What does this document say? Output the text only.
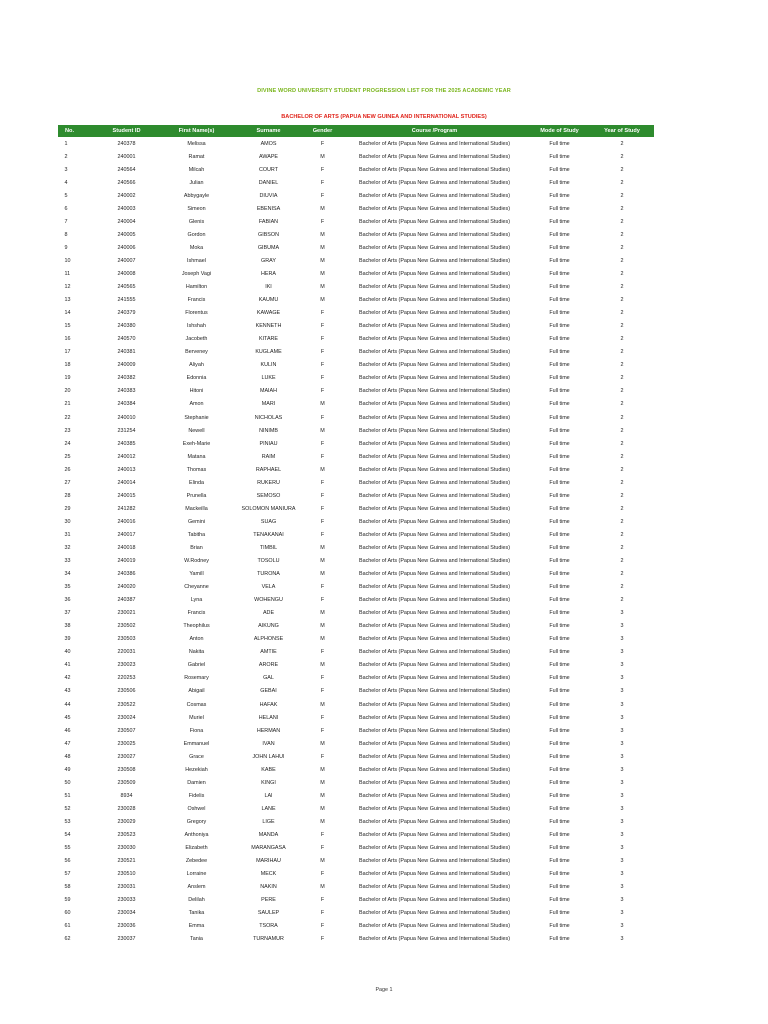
DIVINE WORD UNIVERSITY STUDENT PROGRESSION LIST FOR THE 2025 ACADEMIC YEAR
BACHELOR OF ARTS (PAPUA NEW GUINEA AND INTERNATIONAL STUDIES)
No.	Student ID	First Name(s)	Surname	Gender	Course /Program	Mode of Study	Year of Study
1	240378	Melissa	AMOS	F	Bachelor of Arts (Papua New Guinea and International Studies)	Full time	2
2	240001	Ramat	AWAPE	M	Bachelor of Arts (Papua New Guinea and International Studies)	Full time	2
3	240564	Milcah	COURT	F	Bachelor of Arts (Papua New Guinea and International Studies)	Full time	2
4	240566	Julian	DANIEL	F	Bachelor of Arts (Papua New Guinea and International Studies)	Full time	2
5	240002	Abbygayle	DIUVIA	F	Bachelor of Arts (Papua New Guinea and International Studies)	Full time	2
6	240003	Simeon	EBENISA	M	Bachelor of Arts (Papua New Guinea and International Studies)	Full time	2
7	240004	Glenis	FABIAN	F	Bachelor of Arts (Papua New Guinea and International Studies)	Full time	2
8	240005	Gordon	GIBSON	M	Bachelor of Arts (Papua New Guinea and International Studies)	Full time	2
9	240006	Moka	GIBUMA	M	Bachelor of Arts (Papua New Guinea and International Studies)	Full time	2
10	240007	Ishmael	GRAY	M	Bachelor of Arts (Papua New Guinea and International Studies)	Full time	2
11	240008	Joseph Vagi	HERA	M	Bachelor of Arts (Papua New Guinea and International Studies)	Full time	2
12	240565	Hamilton	IKI	M	Bachelor of Arts (Papua New Guinea and International Studies)	Full time	2
13	241555	Francis	KAUMU	M	Bachelor of Arts (Papua New Guinea and International Studies)	Full time	2
14	240379	Florentus	KAWAGE	F	Bachelor of Arts (Papua New Guinea and International Studies)	Full time	2
15	240380	Ishshah	KENNETH	F	Bachelor of Arts (Papua New Guinea and International Studies)	Full time	2
16	240570	Jacobeth	KITARE	F	Bachelor of Arts (Papua New Guinea and International Studies)	Full time	2
17	240381	Berveney	KUGLAME	F	Bachelor of Arts (Papua New Guinea and International Studies)	Full time	2
18	240009	Aliyah	KULIN	F	Bachelor of Arts (Papua New Guinea and International Studies)	Full time	2
19	240382	Edonnia	LUKE	F	Bachelor of Arts (Papua New Guinea and International Studies)	Full time	2
20	240383	Hitoni	MAIAH	F	Bachelor of Arts (Papua New Guinea and International Studies)	Full time	2
21	240384	Amon	MARI	M	Bachelor of Arts (Papua New Guinea and International Studies)	Full time	2
22	240010	Stephanie	NICHOLAS	F	Bachelor of Arts (Papua New Guinea and International Studies)	Full time	2
23	231254	Newell	NINIMB	M	Bachelor of Arts (Papua New Guinea and International Studies)	Full time	2
24	240385	Exeh-Marie	PINIAU	F	Bachelor of Arts (Papua New Guinea and International Studies)	Full time	2
25	240012	Matana	RAIM	F	Bachelor of Arts (Papua New Guinea and International Studies)	Full time	2
26	240013	Thomas	RAPHAEL	M	Bachelor of Arts (Papua New Guinea and International Studies)	Full time	2
27	240014	Elinda	RUKERU	F	Bachelor of Arts (Papua New Guinea and International Studies)	Full time	2
28	240015	Prunella	SEMOSO	F	Bachelor of Arts (Papua New Guinea and International Studies)	Full time	2
29	241282	Mackeilla	SOLOMON MANIURA	F	Bachelor of Arts (Papua New Guinea and International Studies)	Full time	2
30	240016	Gemini	SUAG	F	Bachelor of Arts (Papua New Guinea and International Studies)	Full time	2
31	240017	Tabitha	TENAKANAI	F	Bachelor of Arts (Papua New Guinea and International Studies)	Full time	2
32	240018	Brian	TIMBIL	M	Bachelor of Arts (Papua New Guinea and International Studies)	Full time	2
33	240019	W.Rodney	TOSOLU	M	Bachelor of Arts (Papua New Guinea and International Studies)	Full time	2
34	240386	Yamill	TURONA	M	Bachelor of Arts (Papua New Guinea and International Studies)	Full time	2
35	240020	Cheyanne	VELA	F	Bachelor of Arts (Papua New Guinea and International Studies)	Full time	2
36	240387	Lyna	WOHENGU	F	Bachelor of Arts (Papua New Guinea and International Studies)	Full time	2
37	230021	Francis	ADE	M	Bachelor of Arts (Papua New Guinea and International Studies)	Full time	3
38	230502	Theophilus	AIKUNG	M	Bachelor of Arts (Papua New Guinea and International Studies)	Full time	3
39	230503	Anton	ALPHONSE	M	Bachelor of Arts (Papua New Guinea and International Studies)	Full time	3
40	220031	Nakita	AMTIE	F	Bachelor of Arts (Papua New Guinea and International Studies)	Full time	3
41	230023	Gabriel	ARORE	M	Bachelor of Arts (Papua New Guinea and International Studies)	Full time	3
42	220253	Rosemary	GAL	F	Bachelor of Arts (Papua New Guinea and International Studies)	Full time	3
43	230506	Abigail	GEBAI	F	Bachelor of Arts (Papua New Guinea and International Studies)	Full time	3
44	230522	Cosmas	HAFAK	M	Bachelor of Arts (Papua New Guinea and International Studies)	Full time	3
45	230024	Muriel	HELANI	F	Bachelor of Arts (Papua New Guinea and International Studies)	Full time	3
46	230507	Fiona	HERMAN	F	Bachelor of Arts (Papua New Guinea and International Studies)	Full time	3
47	230025	Emmanuel	IVAN	M	Bachelor of Arts (Papua New Guinea and International Studies)	Full time	3
48	230027	Grace	JOHN LAHUI	F	Bachelor of Arts (Papua New Guinea and International Studies)	Full time	3
49	230508	Hezekiah	KABE	M	Bachelor of Arts (Papua New Guinea and International Studies)	Full time	3
50	230509	Damien	KINGI	M	Bachelor of Arts (Papua New Guinea and International Studies)	Full time	3
51	8934	Fidelis	LAI	M	Bachelor of Arts (Papua New Guinea and International Studies)	Full time	3
52	230028	Oshwel	LANE	M	Bachelor of Arts (Papua New Guinea and International Studies)	Full time	3
53	230029	Gregory	LIGE	M	Bachelor of Arts (Papua New Guinea and International Studies)	Full time	3
54	230523	Anthoniya	MANDA	F	Bachelor of Arts (Papua New Guinea and International Studies)	Full time	3
55	230030	Elizabeth	MARANGASA	F	Bachelor of Arts (Papua New Guinea and International Studies)	Full time	3
56	230521	Zebedee	MARIHAU	M	Bachelor of Arts (Papua New Guinea and International Studies)	Full time	3
57	230510	Lorraine	MECK	F	Bachelor of Arts (Papua New Guinea and International Studies)	Full time	3
58	230031	Anslem	NAKIN	M	Bachelor of Arts (Papua New Guinea and International Studies)	Full time	3
59	230033	Delilah	PERE	F	Bachelor of Arts (Papua New Guinea and International Studies)	Full time	3
60	230034	Tanika	SAULEP	F	Bachelor of Arts (Papua New Guinea and International Studies)	Full time	3
61	230036	Emma	TSORA	F	Bachelor of Arts (Papua New Guinea and International Studies)	Full time	3
62	230037	Tania	TURNAMUR	F	Bachelor of Arts (Papua New Guinea and International Studies)	Full time	3
Page 1
